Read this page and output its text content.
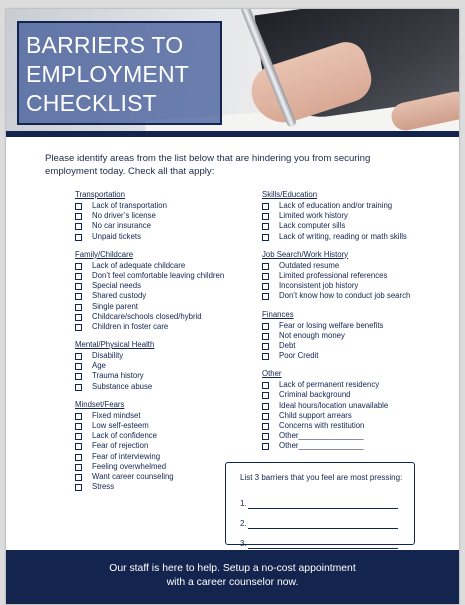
BARRIERS TO
EMPLOYMENT
CHECKLIST

Please identify areas from the list below that are hindering you from securing employment today. Check all that apply:

Transportation
Lack of transportation
No driver’s license
No car insurance
Unpaid tickets
Family/Childcare
Lack of adequate childcare
Don’t feel comfortable leaving children
Special needs
Shared custody
Single parent
Childcare/schools closed/hybrid
Children in foster care
Mental/Physical Health
Disability
Age
Trauma history
Substance abuse
Mindset/Fears
Fixed mindset
Low self-esteem
Lack of confidence
Fear of rejection
Fear of interviewing
Feeling overwhelmed
Want career counseling
Stress
Skills/Education
Lack of education and/or training
Limited work history
Lack computer sills
Lack of writing, reading or math skills
Job Search/Work History
Outdated resume
Limited professional references
Inconsistent job history
Don’t know how to conduct job search
Finances
Fear or losing welfare benefits
Not enough money
Debt
Poor Credit
Other
Lack of permanent residency
Criminal background
Ideal hours/location unavailable
Child support arrears
Concerns with restitution
Other_______________
Other_______________
List 3 barriers that you feel are most pressing:
1.
2.
3.
Our staff is here to help. Setup a no-cost appointment
with a career counselor now.
